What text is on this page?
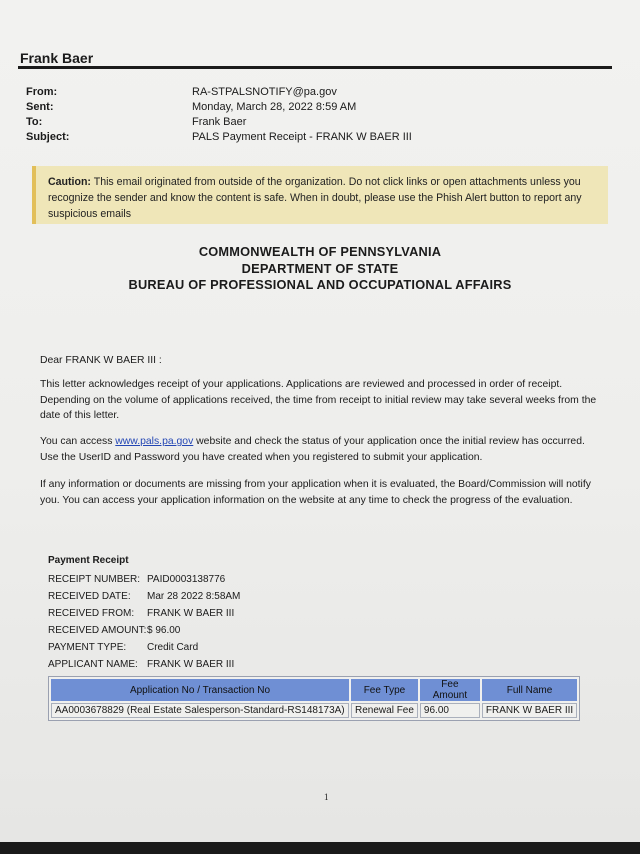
Frank Baer
From:	RA-STPALSNOTIFY@pa.gov
Sent:	Monday, March 28, 2022 8:59 AM
To:	Frank Baer
Subject:	PALS Payment Receipt - FRANK W BAER III
Caution: This email originated from outside of the organization. Do not click links or open attachments unless you recognize the sender and know the content is safe. When in doubt, please use the Phish Alert button to report any suspicious emails
COMMONWEALTH OF PENNSYLVANIA
DEPARTMENT OF STATE
BUREAU OF PROFESSIONAL AND OCCUPATIONAL AFFAIRS
Dear FRANK W BAER III :
This letter acknowledges receipt of your applications. Applications are reviewed and processed in order of receipt. Depending on the volume of applications received, the time from receipt to initial review may take several weeks from the date of this letter.
You can access www.pals.pa.gov website and check the status of your application once the initial review has occurred. Use the UserID and Password you have created when you registered to submit your application.
If any information or documents are missing from your application when it is evaluated, the Board/Commission will notify you. You can access your application information on the website at any time to check the progress of the evaluation.
Payment Receipt
RECEIPT NUMBER: PAID0003138776
RECEIVED DATE: Mar 28 2022 8:58AM
RECEIVED FROM: FRANK W BAER III
RECEIVED AMOUNT: $ 96.00
PAYMENT TYPE: Credit Card
APPLICANT NAME: FRANK W BAER III
Application No / Transaction No	Fee Type	Fee Amount	Full Name
AA0003678829 (Real Estate Salesperson-Standard-RS148173A)	Renewal Fee	96.00	FRANK W BAER III
1
